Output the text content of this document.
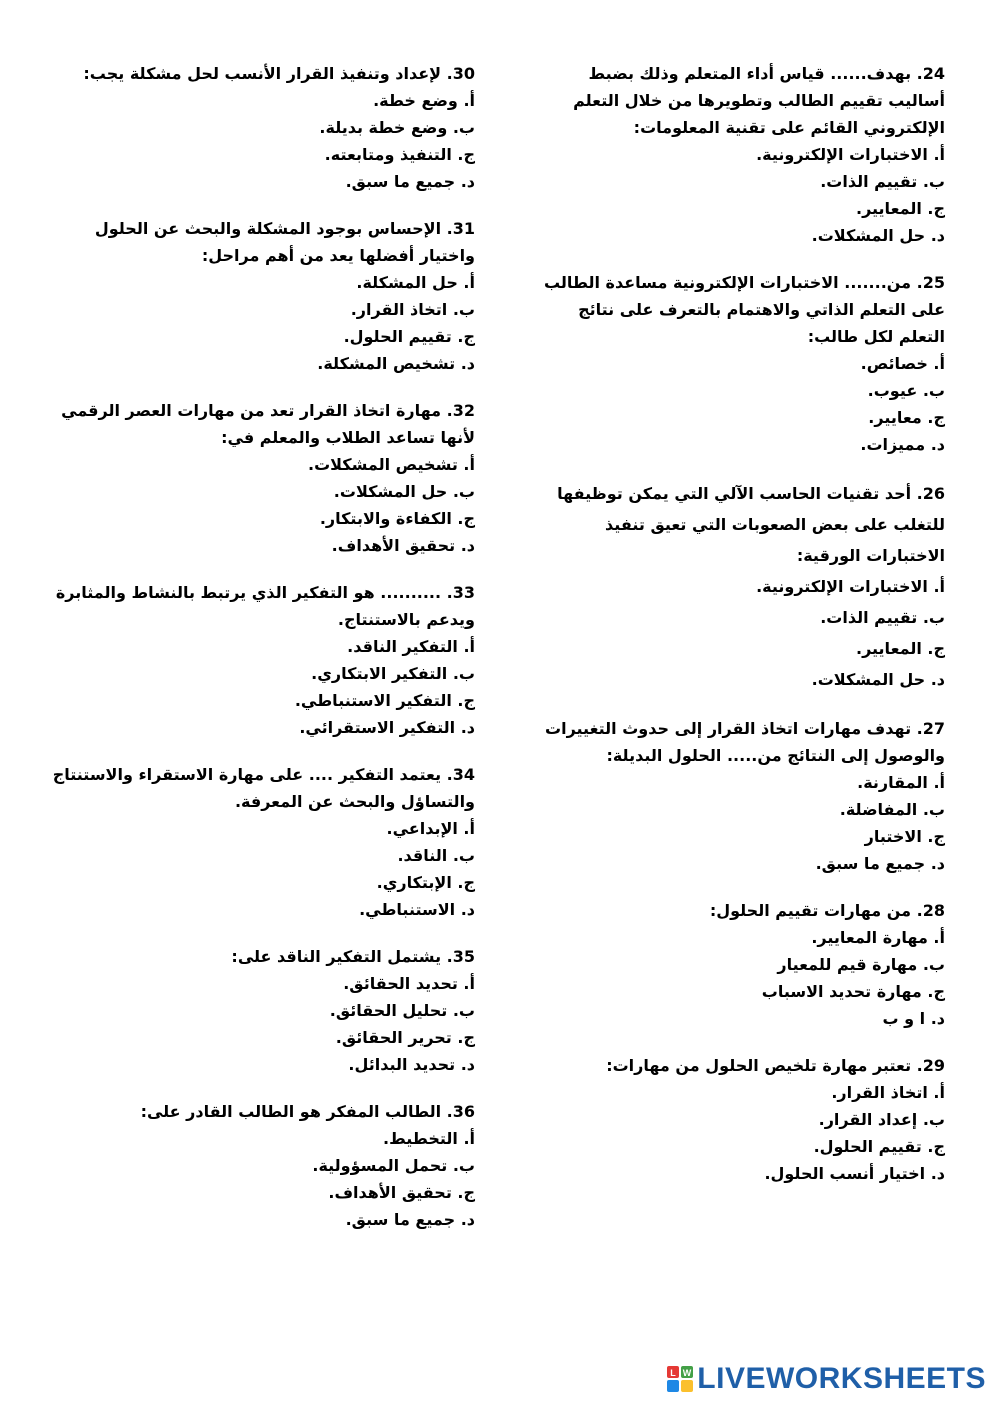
24. بهدف...... قياس أداء المتعلم وذلك بضبط أساليب تقييم الطالب وتطويرها من خلال التعلم الإلكتروني القائم على تقنية المعلومات:
أ. الاختبارات الإلكترونية.
ب. تقييم الذات.
ج. المعايير.
د. حل المشكلات.
25. من....... الاختبارات الإلكترونية مساعدة الطالب على التعلم الذاتي والاهتمام بالتعرف على نتائج التعلم لكل طالب:
أ. خصائص.
ب. عيوب.
ج. معايير.
د. مميزات.
26. أحد تقنيات الحاسب الآلي التي يمكن توظيفها للتغلب على بعض الصعوبات التي تعيق تنفيذ الاختبارات الورقية:
أ. الاختبارات الإلكترونية.
ب. تقييم الذات.
ج. المعايير.
د. حل المشكلات.
27. تهدف مهارات اتخاذ القرار إلى حدوث التغييرات والوصول إلى النتائج من..... الحلول البديلة:
أ. المقارنة.
ب. المفاضلة.
ج. الاختبار
د. جميع ما سبق.
28. من مهارات تقييم الحلول:
أ. مهارة المعايير.
ب. مهارة قيم للمعيار
ج. مهارة تحديد الاسباب
د. ا و ب
29. تعتبر مهارة تلخيص الحلول من مهارات:
أ. اتخاذ القرار.
ب. إعداد القرار.
ج. تقييم الحلول.
د. اختيار أنسب الحلول.
30. لإعداد وتنفيذ القرار الأنسب لحل مشكلة يجب:
أ. وضع خطة.
ب. وضع خطة بديلة.
ج. التنفيذ ومتابعته.
د. جميع ما سبق.
31. الإحساس بوجود المشكلة والبحث عن الحلول واختيار أفضلها يعد من أهم مراحل:
أ. حل المشكلة.
ب. اتخاذ القرار.
ج. تقييم الحلول.
د. تشخيص المشكلة.
32. مهارة اتخاذ القرار تعد من مهارات العصر الرقمي لأنها تساعد الطلاب والمعلم في:
أ. تشخيص المشكلات.
ب. حل المشكلات.
ج. الكفاءة والابتكار.
د. تحقيق الأهداف.
33. .......... هو التفكير الذي يرتبط بالنشاط والمثابرة ويدعم بالاستنتاج.
أ. التفكير الناقد.
ب. التفكير الابتكاري.
ج. التفكير الاستنباطي.
د. التفكير الاستقرائي.
34. يعتمد التفكير .... على مهارة الاستقراء والاستنتاج والتساؤل والبحث عن المعرفة.
أ. الإبداعي.
ب. الناقد.
ج. الإبتكاري.
د. الاستنباطي.
35. يشتمل التفكير الناقد على:
أ. تحديد الحقائق.
ب. تحليل الحقائق.
ج. تحرير الحقائق.
د. تحديد البدائل.
36. الطالب المفكر هو الطالب القادر على:
أ. التخطيط.
ب. تحمل المسؤولية.
ج. تحقيق الأهداف.
د. جميع ما سبق.
L W LIVEWORKSHEETS
